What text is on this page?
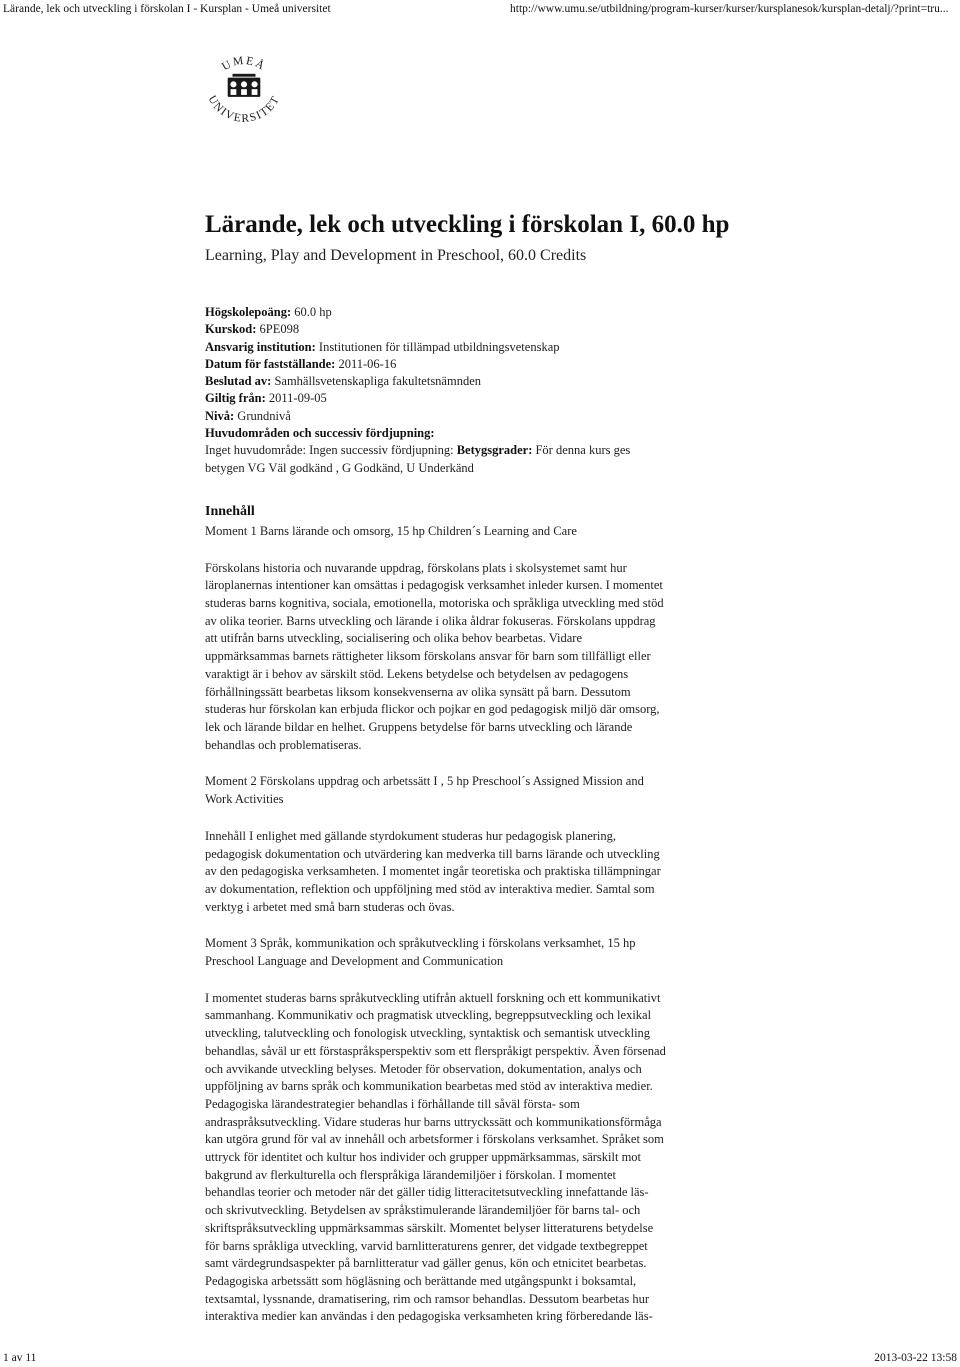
Lärande, lek och utveckling i förskolan I - Kursplan - Umeå universitet	http://www.umu.se/utbildning/program-kurser/kurser/kursplanesok/kursplan-detalj/?print=tru...
UMEÅ
UNIVERSITET
Lärande, lek och utveckling i förskolan I, 60.0 hp
Learning, Play and Development in Preschool, 60.0 Credits
Högskolepoäng: 60.0 hp
Kurskod: 6PE098
Ansvarig institution: Institutionen för tillämpad utbildningsvetenskap
Datum för fastställande: 2011-06-16
Beslutad av: Samhällsvetenskapliga fakultetsnämnden
Giltig från: 2011-09-05
Nivå: Grundnivå
Huvudområden och successiv fördjupning:
Inget huvudområde: Ingen successiv fördjupning: Betygsgrader: För denna kurs ges
betygen VG Väl godkänd , G Godkänd, U Underkänd
Innehåll
Moment 1 Barns lärande och omsorg, 15 hp Children´s Learning and Care
Förskolans historia och nuvarande uppdrag, förskolans plats i skolsystemet samt hur
läroplanernas intentioner kan omsättas i pedagogisk verksamhet inleder kursen. I momentet
studeras barns kognitiva, sociala, emotionella, motoriska och språkliga utveckling med stöd
av olika teorier. Barns utveckling och lärande i olika åldrar fokuseras. Förskolans uppdrag
att utifrån barns utveckling, socialisering och olika behov bearbetas. Vidare
uppmärksammas barnets rättigheter liksom förskolans ansvar för barn som tillfälligt eller
varaktigt är i behov av särskilt stöd. Lekens betydelse och betydelsen av pedagogens
förhållningssätt bearbetas liksom konsekvenserna av olika synsätt på barn. Dessutom
studeras hur förskolan kan erbjuda flickor och pojkar en god pedagogisk miljö där omsorg,
lek och lärande bildar en helhet. Gruppens betydelse för barns utveckling och lärande
behandlas och problematiseras.
Moment 2 Förskolans uppdrag och arbetssätt I , 5 hp Preschool´s Assigned Mission and
Work Activities
Innehåll I enlighet med gällande styrdokument studeras hur pedagogisk planering,
pedagogisk dokumentation och utvärdering kan medverka till barns lärande och utveckling
av den pedagogiska verksamheten. I momentet ingår teoretiska och praktiska tillämpningar
av dokumentation, reflektion och uppföljning med stöd av interaktiva medier. Samtal som
verktyg i arbetet med små barn studeras och övas.
Moment 3 Språk, kommunikation och språkutveckling i förskolans verksamhet, 15 hp
Preschool Language and Development and Communication
I momentet studeras barns språkutveckling utifrån aktuell forskning och ett kommunikativt
sammanhang. Kommunikativ och pragmatisk utveckling, begreppsutveckling och lexikal
utveckling, talutveckling och fonologisk utveckling, syntaktisk och semantisk utveckling
behandlas, såväl ur ett förstaspråksperspektiv som ett flerspråkigt perspektiv. Även försenad
och avvikande utveckling belyses. Metoder för observation, dokumentation, analys och
uppföljning av barns språk och kommunikation bearbetas med stöd av interaktiva medier.
Pedagogiska lärandestrategier behandlas i förhållande till såväl första- som
andraspråksutveckling. Vidare studeras hur barns uttryckssätt och kommunikationsförmåga
kan utgöra grund för val av innehåll och arbetsformer i förskolans verksamhet. Språket som
uttryck för identitet och kultur hos individer och grupper uppmärksammas, särskilt mot
bakgrund av flerkulturella och flerspråkiga lärandemiljöer i förskolan. I momentet
behandlas teorier och metoder när det gäller tidig litteracitetsutveckling innefattande läs-
och skrivutveckling. Betydelsen av språkstimulerande lärandemiljöer för barns tal- och
skriftspråksutveckling uppmärksammas särskilt. Momentet belyser litteraturens betydelse
för barns språkliga utveckling, varvid barnlitteraturens genrer, det vidgade textbegreppet
samt värdegrundsaspekter på barnlitteratur vad gäller genus, kön och etnicitet bearbetas.
Pedagogiska arbetssätt som högläsning och berättande med utgångspunkt i boksamtal,
textsamtal, lyssnande, dramatisering, rim och ramsor behandlas. Dessutom bearbetas hur
interaktiva medier kan användas i den pedagogiska verksamheten kring förberedande läs-
1 av 11	2013-03-22 13:58
